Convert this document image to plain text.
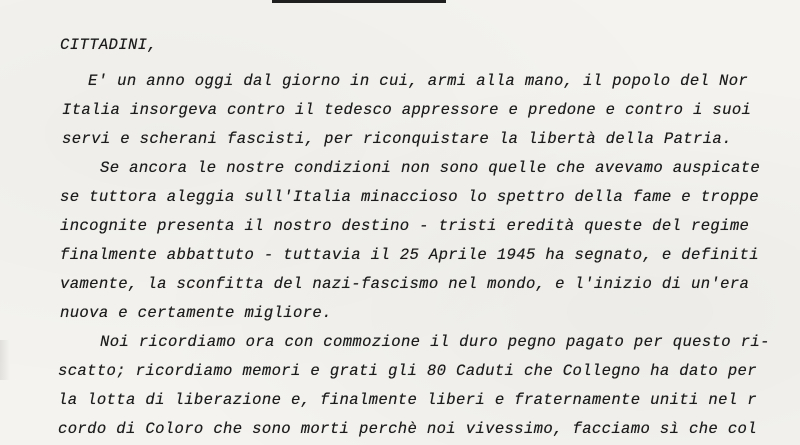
CITTADINI,
E' un anno oggi dal giorno in cui, armi alla mano, il popolo del Nor
Italia insorgeva contro il tedesco appressore e predone e contro i suoi
servi e scherani fascisti, per riconquistare la libertà della Patria.
Se ancora le nostre condizioni non sono quelle che avevamo auspicate
se tuttora aleggia sull'Italia minaccioso lo spettro della fame e troppe
incognite presenta il nostro destino - tristi eredità queste del regime
finalmente abbattuto - tuttavia il 25 Aprile 1945 ha segnato, e definiti
vamente, la sconfitta del nazi-fascismo nel mondo, e l'inizio di un'era
nuova e certamente migliore.
Noi ricordiamo ora con commozione il duro pegno pagato per questo ri-
scatto; ricordiamo memori e grati gli 80 Caduti che Collegno ha dato per
la lotta di liberazione e, finalmente liberi e fraternamente uniti nel r
cordo di Coloro che sono morti perchè noi vivessimo, facciamo sì che col
